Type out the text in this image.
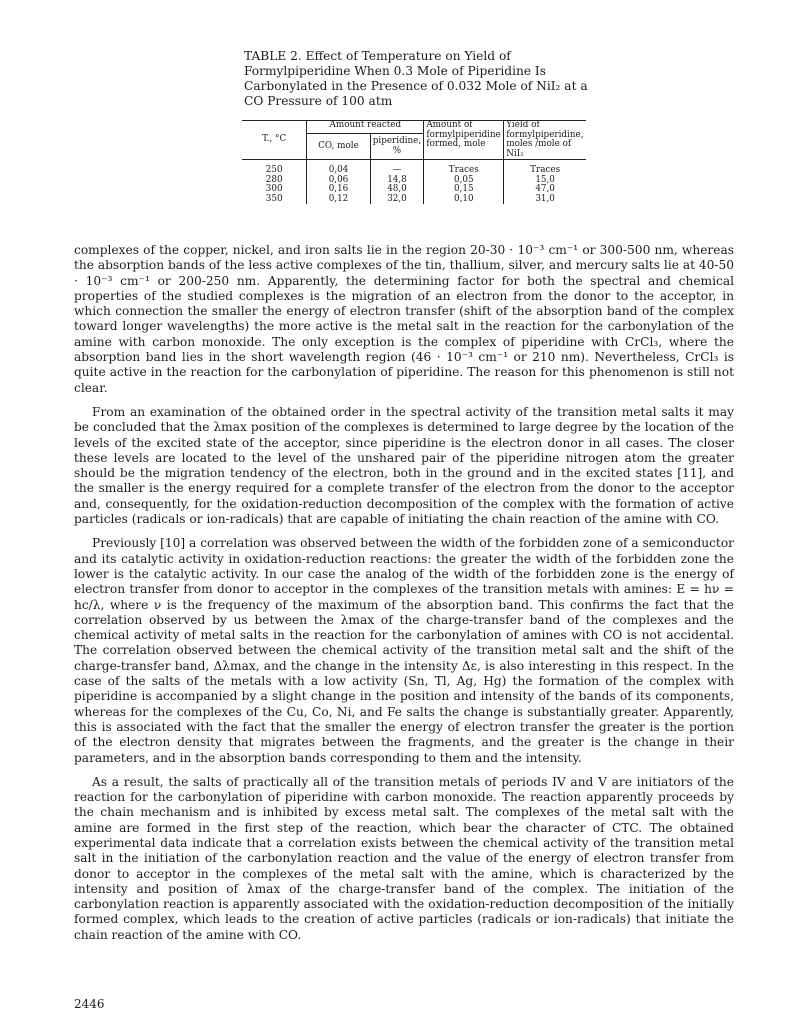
TABLE 2. Effect of Temperature on Yield of Formylpiperidine When 0.3 Mole of Piperidine Is Carbonylated in the Presence of 0.032 Mole of NiI₂ at a CO Pressure of 100 atm
T., °C	Amount reacted		Amount of formylpiperidine formed, mole	Yield of formylpiperidine, moles /mole of NiI₂
	CO, mole	piperidine, %		
250	0,04	—	Traces	Traces
280	0,06	14,8	0,05	15,0
300	0,16	48,0	0,15	47,0
350	0,12	32,0	0,10	31,0

complexes of the copper, nickel, and iron salts lie in the region 20-30 · 10⁻³ cm⁻¹ or 300-500 nm, whereas the absorption bands of the less active complexes of the tin, thallium, silver, and mercury salts lie at 40-50 · 10⁻³ cm⁻¹ or 200-250 nm. Apparently, the determining factor for both the spectral and chemical properties of the studied complexes is the migration of an electron from the donor to the acceptor, in which connection the smaller the energy of electron transfer (shift of the absorption band of the complex toward longer wavelengths) the more active is the metal salt in the reaction for the carbonylation of the amine with carbon monoxide. The only exception is the complex of piperidine with CrCl₃, where the absorption band lies in the short wavelength region (46 · 10⁻³ cm⁻¹ or 210 nm). Nevertheless, CrCl₃ is quite active in the reaction for the carbonylation of piperidine. The reason for this phenomenon is still not clear.

From an examination of the obtained order in the spectral activity of the transition metal salts it may be concluded that the λmax position of the complexes is determined to large degree by the location of the levels of the excited state of the acceptor, since piperidine is the electron donor in all cases. The closer these levels are located to the level of the unshared pair of the piperidine nitrogen atom the greater should be the migration tendency of the electron, both in the ground and in the excited states [11], and the smaller is the energy required for a complete transfer of the electron from the donor to the acceptor and, consequently, for the oxidation-reduction decomposition of the complex with the formation of active particles (radicals or ion-radicals) that are capable of initiating the chain reaction of the amine with CO.

Previously [10] a correlation was observed between the width of the forbidden zone of a semiconductor and its catalytic activity in oxidation-reduction reactions: the greater the width of the forbidden zone the lower is the catalytic activity. In our case the analog of the width of the forbidden zone is the energy of electron transfer from donor to acceptor in the complexes of the transition metals with amines: E = hν = hc/λ, where ν is the frequency of the maximum of the absorption band. This confirms the fact that the correlation observed by us between the λmax of the charge-transfer band of the complexes and the chemical activity of metal salts in the reaction for the carbonylation of amines with CO is not accidental. The correlation observed between the chemical activity of the transition metal salt and the shift of the charge-transfer band, Δλmax, and the change in the intensity Δε, is also interesting in this respect. In the case of the salts of the metals with a low activity (Sn, Tl, Ag, Hg) the formation of the complex with piperidine is accompanied by a slight change in the position and intensity of the bands of its components, whereas for the complexes of the Cu, Co, Ni, and Fe salts the change is substantially greater. Apparently, this is associated with the fact that the smaller the energy of electron transfer the greater is the portion of the electron density that migrates between the fragments, and the greater is the change in their parameters, and in the absorption bands corresponding to them and the intensity.

As a result, the salts of practically all of the transition metals of periods IV and V are initiators of the reaction for the carbonylation of piperidine with carbon monoxide. The reaction apparently proceeds by the chain mechanism and is inhibited by excess metal salt. The complexes of the metal salt with the amine are formed in the first step of the reaction, which bear the character of CTC. The obtained experimental data indicate that a correlation exists between the chemical activity of the transition metal salt in the initiation of the carbonylation reaction and the value of the energy of electron transfer from donor to acceptor in the complexes of the metal salt with the amine, which is characterized by the intensity and position of λmax of the charge-transfer band of the complex. The initiation of the carbonylation reaction is apparently associated with the oxidation-reduction decomposition of the initially formed complex, which leads to the creation of active particles (radicals or ion-radicals) that initiate the chain reaction of the amine with CO.

2446
